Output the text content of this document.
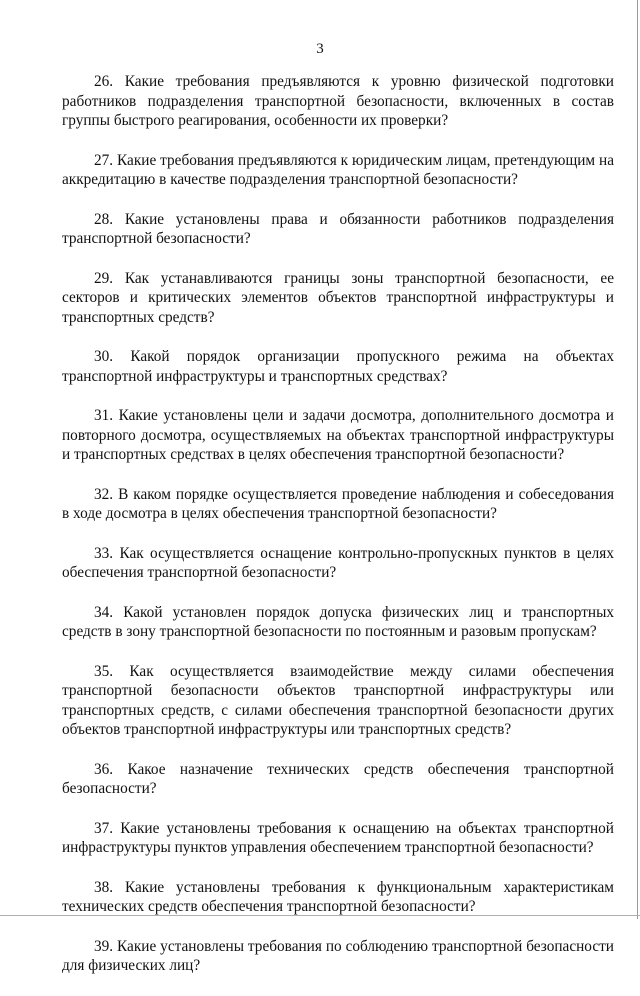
3

26. Какие требования предъявляются к уровню физической подготовки работников подразделения транспортной безопасности, включенных в состав группы быстрого реагирования, особенности их проверки?

27. Какие требования предъявляются к юридическим лицам, претендующим на аккредитацию в качестве подразделения транспортной безопасности?

28. Какие установлены права и обязанности работников подразделения транспортной безопасности?

29. Как устанавливаются границы зоны транспортной безопасности, ее секторов и критических элементов объектов транспортной инфраструктуры и транспортных средств?

30. Какой порядок организации пропускного режима на объектах транспортной инфраструктуры и транспортных средствах?

31. Какие установлены цели и задачи досмотра, дополнительного досмотра и повторного досмотра, осуществляемых на объектах транспортной инфраструктуры и транспортных средствах в целях обеспечения транспортной безопасности?

32. В каком порядке осуществляется проведение наблюдения и собеседования в ходе досмотра в целях обеспечения транспортной безопасности?

33. Как осуществляется оснащение контрольно-пропускных пунктов в целях обеспечения транспортной безопасности?

34. Какой установлен порядок допуска физических лиц и транспортных средств в зону транспортной безопасности по постоянным и разовым пропускам?

35. Как осуществляется взаимодействие между силами обеспечения транспортной безопасности объектов транспортной инфраструктуры или транспортных средств, с силами обеспечения транспортной безопасности других объектов транспортной инфраструктуры или транспортных средств?

36. Какое назначение технических средств обеспечения транспортной безопасности?

37. Какие установлены требования к оснащению на объектах транспортной инфраструктуры пунктов управления обеспечением транспортной безопасности?

38. Какие установлены требования к функциональным характеристикам технических средств обеспечения транспортной безопасности?

39. Какие установлены требования по соблюдению транспортной безопасности для физических лиц?
